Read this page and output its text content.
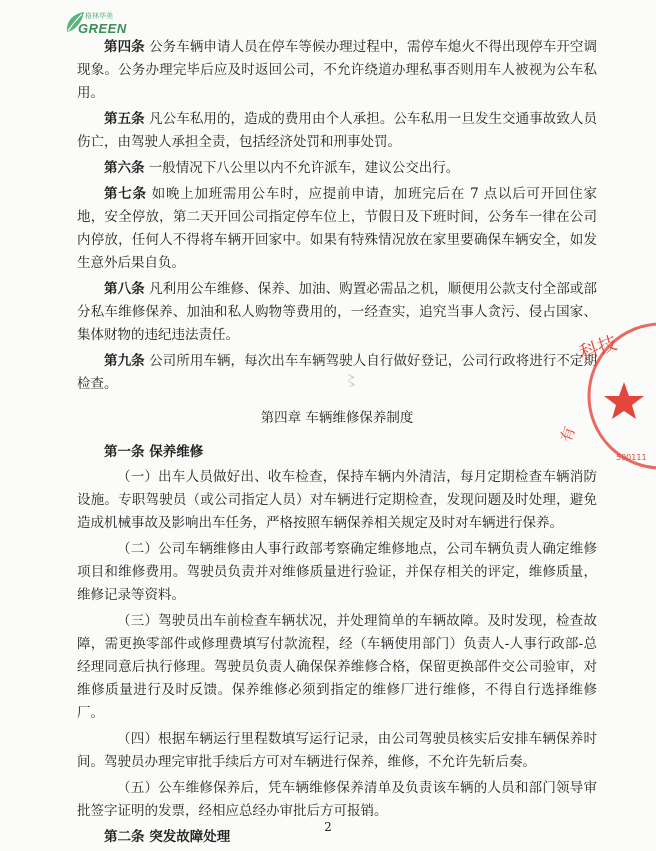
格林华美
GREEN

第四条 公务车辆申请人员在停车等候办理过程中，需停车熄火不得出现停车开空调现象。公务办理完毕后应及时返回公司，不允许绕道办理私事否则用车人被视为公车私用。

第五条 凡公车私用的，造成的费用由个人承担。公车私用一旦发生交通事故致人员伤亡，由驾驶人承担全责，包括经济处罚和刑事处罚。

第六条 一般情况下八公里以内不允许派车，建议公交出行。

第七条 如晚上加班需用公车时，应提前申请，加班完后在 7 点以后可开回住家地，安全停放，第二天开回公司指定停车位上，节假日及下班时间，公务车一律在公司内停放，任何人不得将车辆开回家中。如果有特殊情况放在家里要确保车辆安全，如发生意外后果自负。

第八条 凡利用公车维修、保养、加油、购置必需品之机，顺便用公款支付全部或部分私车维修保养、加油和私人购物等费用的，一经查实，追究当事人贪污、侵占国家、集体财物的违纪违法责任。

第九条 公司所用车辆，每次出车车辆驾驶人自行做好登记，公司行政将进行不定期检查。

第四章 车辆维修保养制度

第一条 保养维修

（一）出车人员做好出、收车检查，保持车辆内外清洁，每月定期检查车辆消防设施。专职驾驶员（或公司指定人员）对车辆进行定期检查，发现问题及时处理，避免造成机械事故及影响出车任务，严格按照车辆保养相关规定及时对车辆进行保养。

（二）公司车辆维修由人事行政部考察确定维修地点，公司车辆负责人确定维修项目和维修费用。驾驶员负责并对维修质量进行验证，并保存相关的评定，维修质量，维修记录等资料。

（三）驾驶员出车前检查车辆状况，并处理简单的车辆故障。及时发现，检查故障，需更换零部件或修理费填写付款流程，经（车辆使用部门）负责人-人事行政部-总经理同意后执行修理。驾驶员负责人确保保养维修合格，保留更换部件交公司验审，对维修质量进行及时反馈。保养维修必须到指定的维修厂进行维修，不得自行选择维修厂。

（四）根据车辆运行里程数填写运行记录，由公司驾驶员核实后安排车辆保养时间。驾驶员办理完审批手续后方可对车辆进行保养，维修，不允许先斩后奏。

（五）公车维修保养后，凭车辆维修保养清单及负责该车辆的人员和部门领导审批签字证明的发票，经相应总经办审批后方可报销。

第二条 突发故障处理

〻
科技
有
500111
2
